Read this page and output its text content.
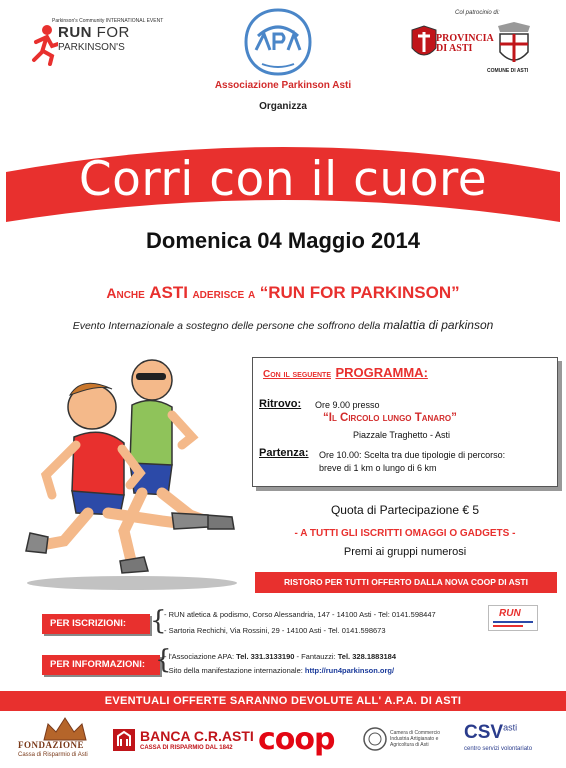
Parkinson's Community INTERNATIONAL EVENT
RUN FOR
PARKINSON'S
Associazione Parkinson Asti
Organizza
Col patrocinio di:
PROVINCIA
DI ASTI
COMUNE DI ASTI
Corri con il cuore
Domenica 04 Maggio 2014
Anche ASTI aderisce a “RUN FOR PARKINSON”
Evento Internazionale a sostegno delle persone che soffrono della malattia di parkinson
Con il seguente PROGRAMMA:
Ritrovo: Ore 9.00 presso
“Il Circolo lungo Tanaro”
Piazzale Traghetto - Asti
Partenza: Ore 10.00: Scelta tra due tipologie di percorso:
breve di 1 km o lungo di 6 km
Quota di Partecipazione € 5
- A TUTTI GLI ISCRITTI OMAGGI O GADGETS -
Premi ai gruppi numerosi
RISTORO PER TUTTI OFFERTO DALLA NOVA COOP DI ASTI
PER ISCRIZIONI: {
- RUN atletica & podismo, Corso Alessandria, 147 - 14100 Asti - Tel: 0141.598447
- Sartoria Rechichi, Via Rossini, 29 - 14100 Asti - Tel. 0141.598673
RUN
PER INFORMAZIONI: {
- l'Associazione APA: Tel. 331.3133190 - Fantauzzi: Tel. 328.1883184
- Sito della manifestazione internazionale: http://run4parkinson.org/
EVENTUALI OFFERTE SARANNO DEVOLUTE ALL' A.P.A. DI ASTI
FONDAZIONE
Cassa di Risparmio di Asti
BANCA C.R.ASTI
CASSA DI RISPARMIO DAL 1842 coop	Camera di Commercio Industria Artigianato e Agricoltura di Asti
$CSV^{asti}$
centro servizi volontariato
